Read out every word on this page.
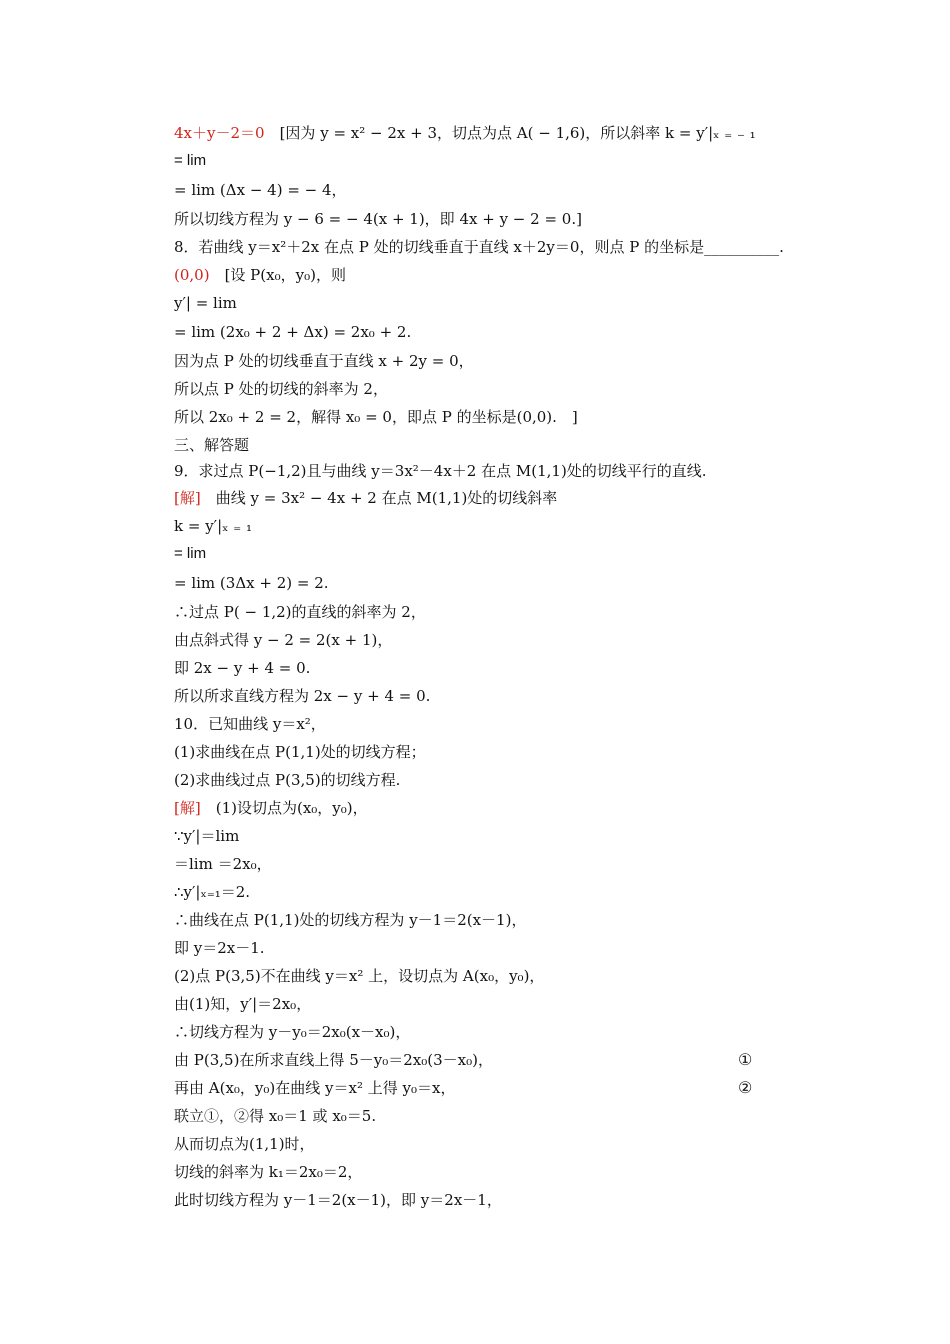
4x＋y－2＝0　[因为 y = x² − 2x + 3，切点为点 A( − 1,6)，所以斜率 k = y′|ₓ ₌ ₋ ₁
= lim
= lim (Δx − 4) = − 4，
所以切线方程为 y − 6 = − 4(x + 1)，即 4x + y − 2 = 0.]
8．若曲线 y＝x²＋2x 在点 P 处的切线垂直于直线 x＋2y＝0，则点 P 的坐标是__________.
(0,0)　[设 P(x₀，y₀)，则
y′| = lim
= lim (2x₀ + 2 + Δx) = 2x₀ + 2.
因为点 P 处的切线垂直于直线 x + 2y = 0，
所以点 P 处的切线的斜率为 2，
所以 2x₀ + 2 = 2，解得 x₀ = 0，即点 P 的坐标是(0,0).　]
三、解答题
9．求过点 P(−1,2)且与曲线 y＝3x²－4x＋2 在点 M(1,1)处的切线平行的直线.
[解]　曲线 y = 3x² − 4x + 2 在点 M(1,1)处的切线斜率
k = y′|ₓ ₌ ₁
= lim
= lim (3Δx + 2) = 2.
∴过点 P( − 1,2)的直线的斜率为 2，
由点斜式得 y − 2 = 2(x + 1)，
即 2x − y + 4 = 0.
所以所求直线方程为 2x − y + 4 = 0.
10．已知曲线 y＝x²，
(1)求曲线在点 P(1,1)处的切线方程；
(2)求曲线过点 P(3,5)的切线方程.
[解]　(1)设切点为(x₀，y₀)，
∵y′|＝lim
＝lim ＝2x₀，
∴y′|ₓ₌₁＝2.
∴曲线在点 P(1,1)处的切线方程为 y－1＝2(x－1)，
即 y＝2x－1.
(2)点 P(3,5)不在曲线 y＝x² 上，设切点为 A(x₀，y₀)，
由(1)知，y′|＝2x₀，
∴切线方程为 y－y₀＝2x₀(x－x₀)，
由 P(3,5)在所求直线上得 5－y₀＝2x₀(3－x₀)，	①
再由 A(x₀，y₀)在曲线 y＝x² 上得 y₀＝x，	②
联立①，②得 x₀＝1 或 x₀＝5.
从而切点为(1,1)时，
切线的斜率为 k₁＝2x₀＝2，
此时切线方程为 y－1＝2(x－1)，即 y＝2x－1，
